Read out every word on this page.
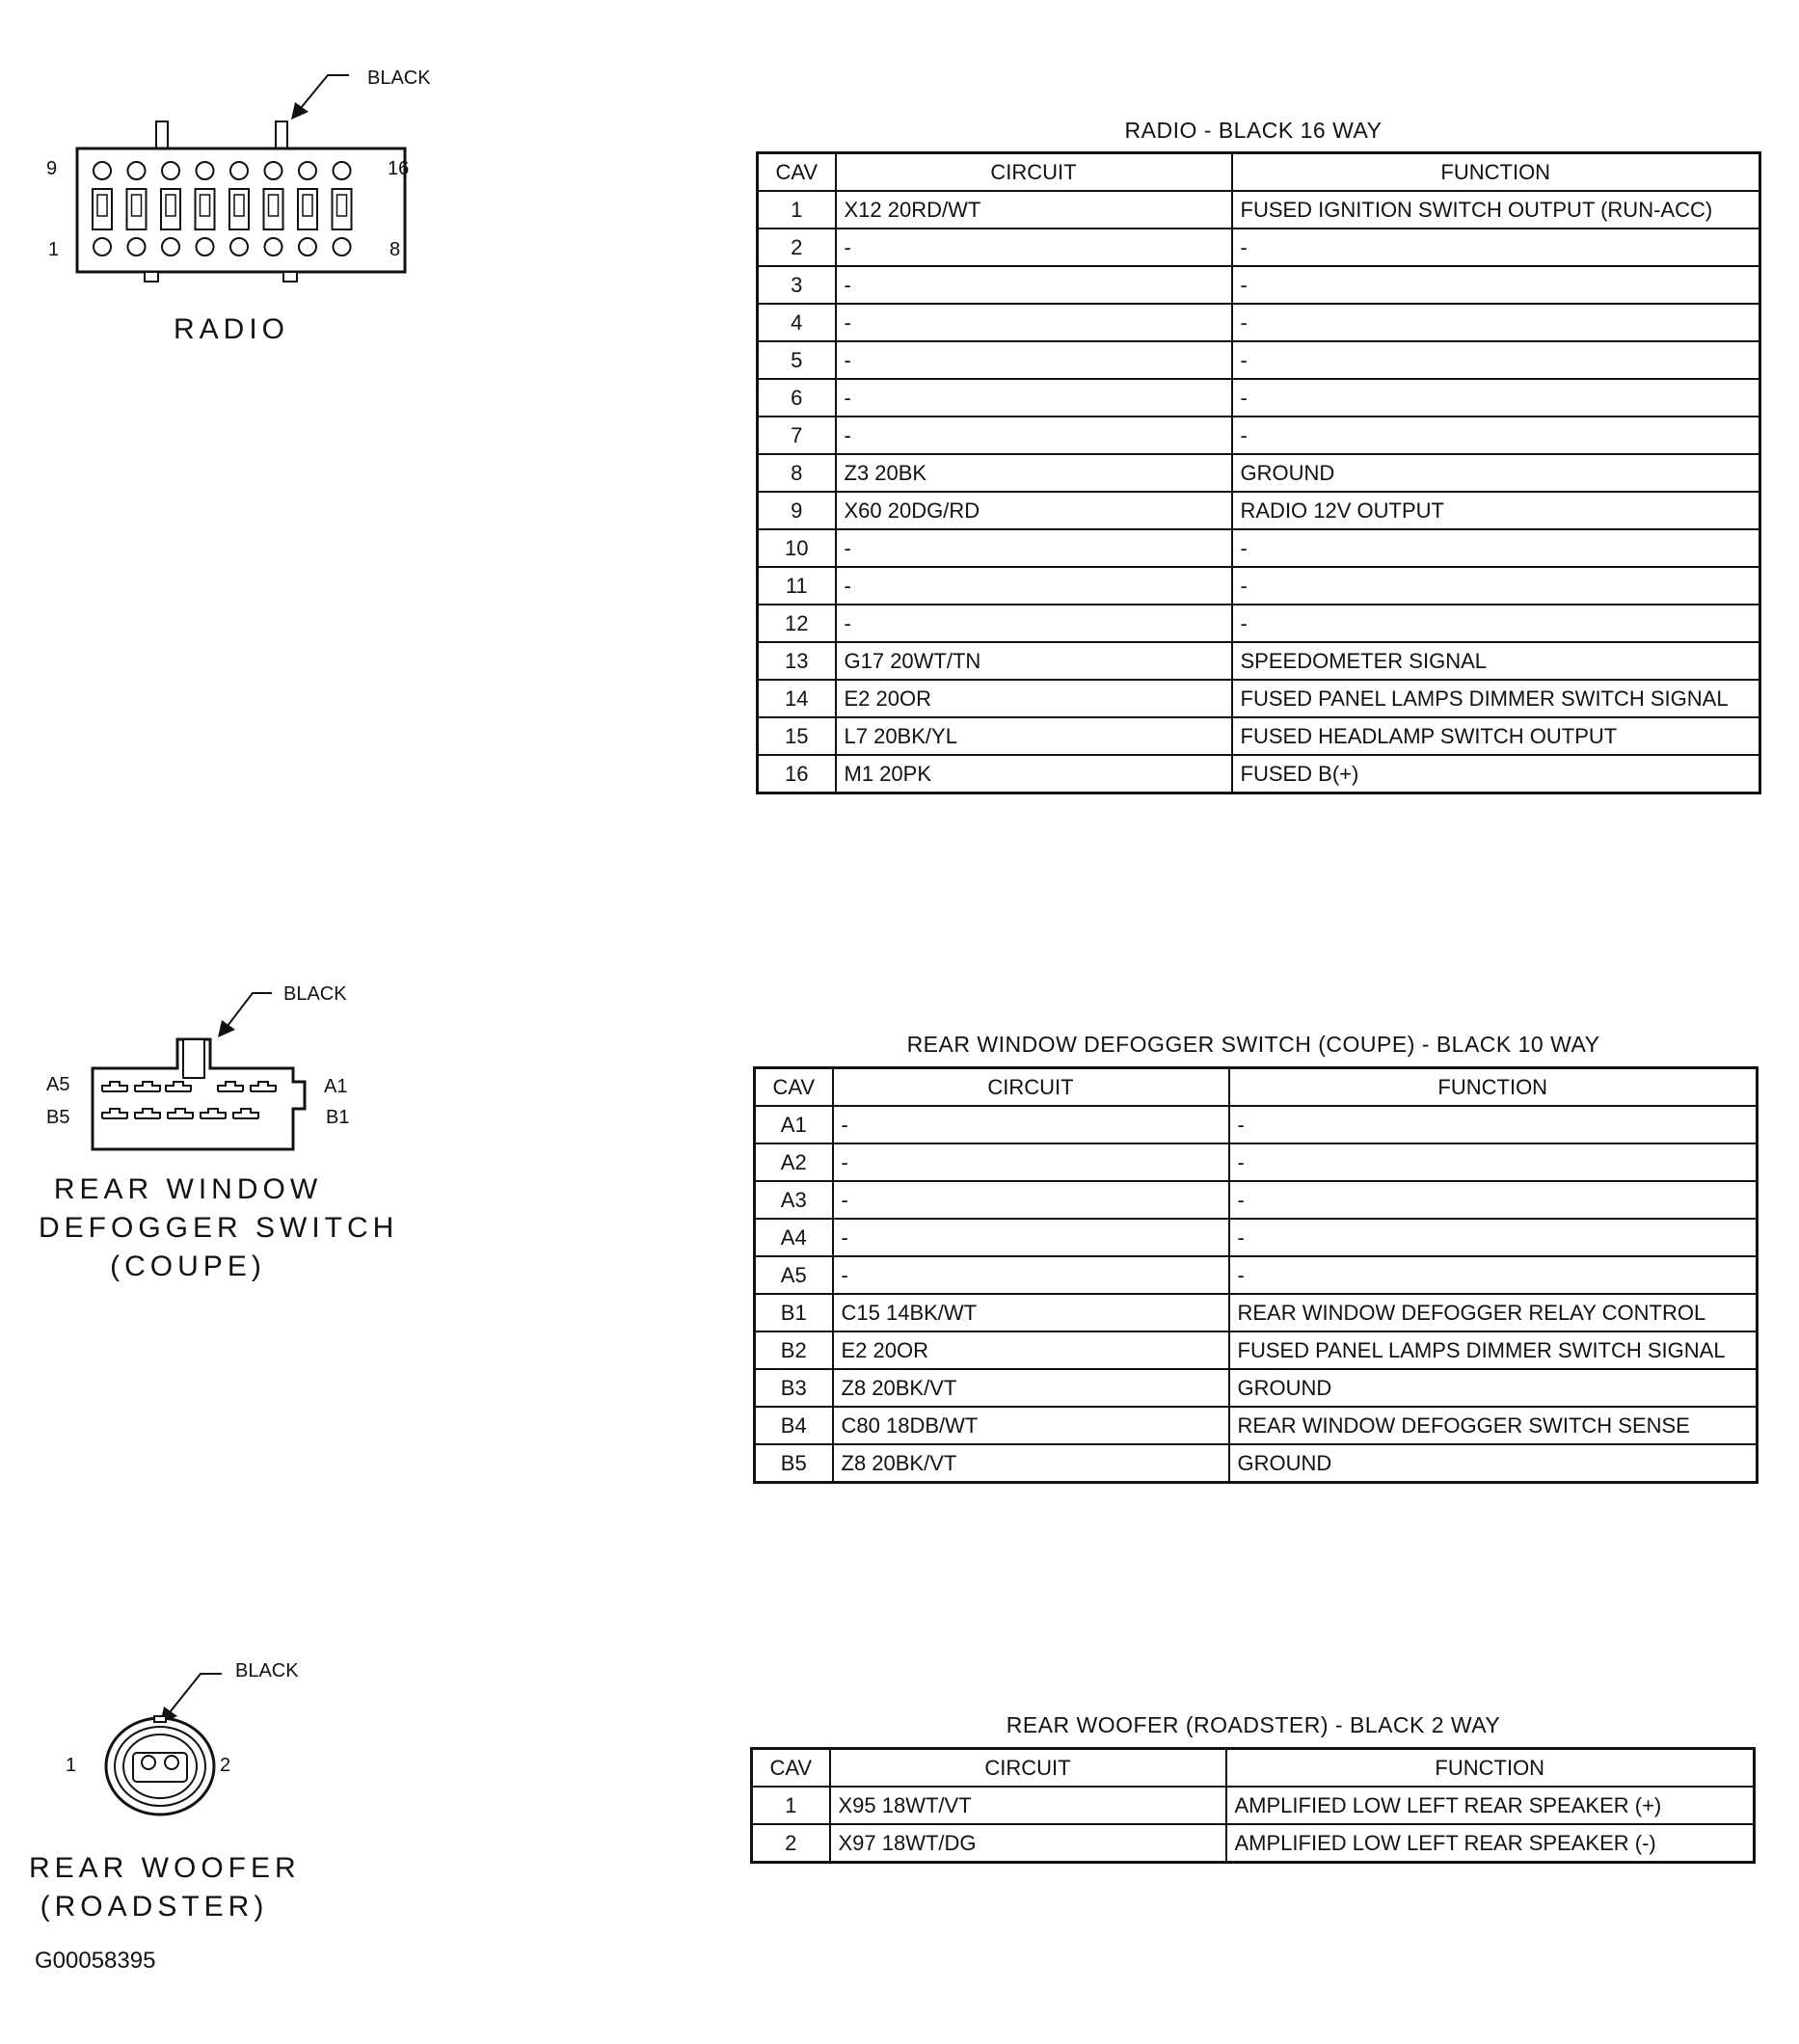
BLACK
9	16
1	8
RADIO
RADIO - BLACK 16 WAY
CAV	CIRCUIT	FUNCTION
1	X12 20RD/WT	FUSED IGNITION SWITCH OUTPUT (RUN-ACC)
2	-	-
3	-	-
4	-	-
5	-	-
6	-	-
7	-	-
8	Z3 20BK	GROUND
9	X60 20DG/RD	RADIO 12V OUTPUT
10	-	-
11	-	-
12	-	-
13	G17 20WT/TN	SPEEDOMETER SIGNAL
14	E2 20OR	FUSED PANEL LAMPS DIMMER SWITCH SIGNAL
15	L7 20BK/YL	FUSED HEADLAMP SWITCH OUTPUT
16	M1 20PK	FUSED B(+)
BLACK
A5
B5
A1
B1
REAR WINDOW
DEFOGGER SWITCH
(COUPE)
REAR WINDOW DEFOGGER SWITCH (COUPE) - BLACK 10 WAY
CAV	CIRCUIT	FUNCTION
A1	-	-
A2	-	-
A3	-	-
A4	-	-
A5	-	-
B1	C15 14BK/WT	REAR WINDOW DEFOGGER RELAY CONTROL
B2	E2 20OR	FUSED PANEL LAMPS DIMMER SWITCH SIGNAL
B3	Z8 20BK/VT	GROUND
B4	C80 18DB/WT	REAR WINDOW DEFOGGER SWITCH SENSE
B5	Z8 20BK/VT	GROUND
BLACK
1	2
REAR WOOFER
(ROADSTER)
REAR WOOFER (ROADSTER) - BLACK 2 WAY
CAV	CIRCUIT	FUNCTION
1	X95 18WT/VT	AMPLIFIED LOW LEFT REAR SPEAKER (+)
2	X97 18WT/DG	AMPLIFIED LOW LEFT REAR SPEAKER (-)
G00058395
